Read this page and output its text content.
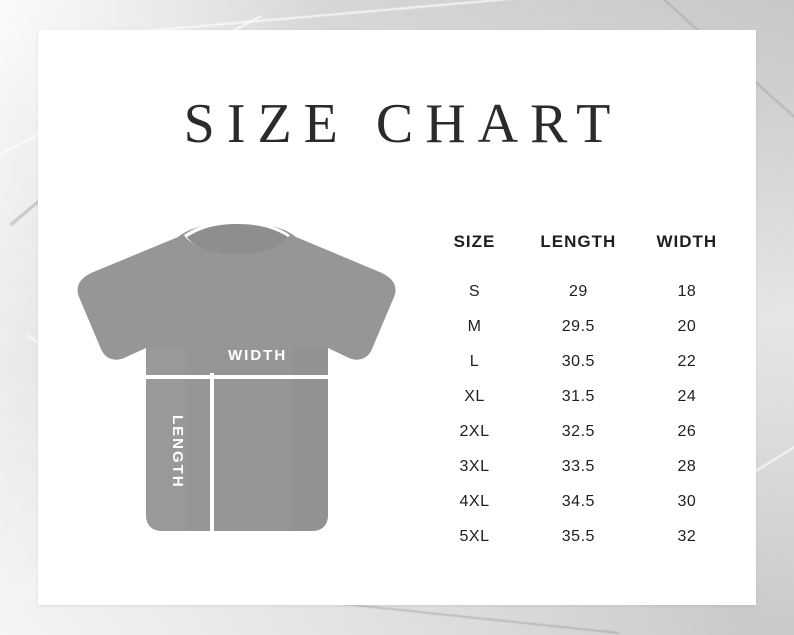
SIZE CHART
WIDTH
LENGTH
SIZE	LENGTH	WIDTH
S	29	18
M	29.5	20
L	30.5	22
XL	31.5	24
2XL	32.5	26
3XL	33.5	28
4XL	34.5	30
5XL	35.5	32
